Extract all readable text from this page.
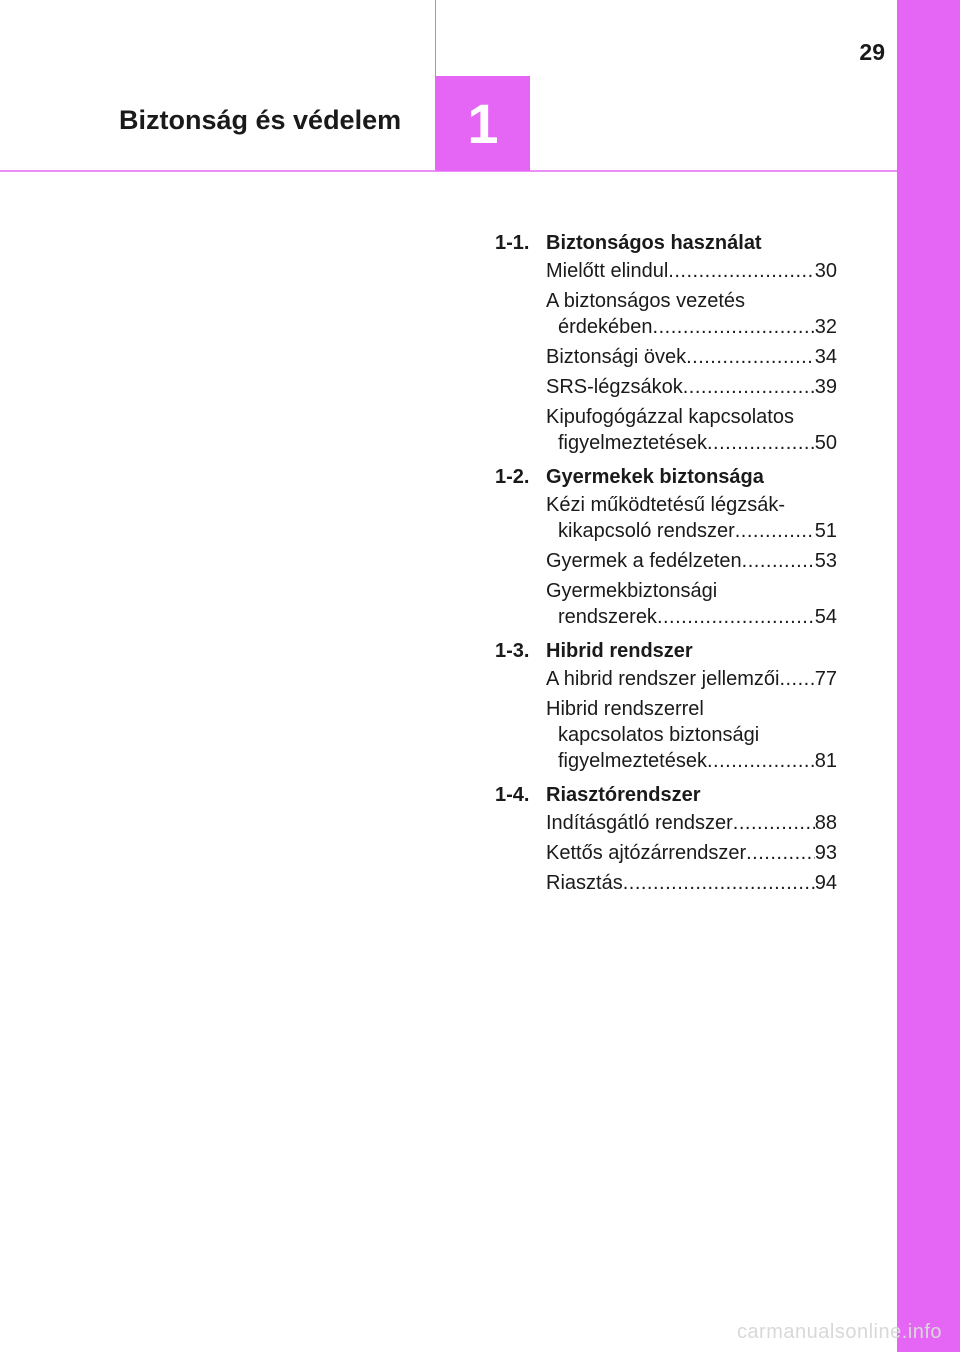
29
Biztonság és védelem 1
1-1. Biztonságos használat
Mielőtt elindul .....	30
A biztonságos vezetés
érdekében .....	32
Biztonsági övek .....	34
SRS-légzsákok .....	39
Kipufogógázzal kapcsolatos
figyelmeztetések .....	50
1-2. Gyermekek biztonsága
Kézi működtetésű légzsák-
kikapcsoló rendszer .....	51
Gyermek a fedélzeten .....	53
Gyermekbiztonsági
rendszerek .....	54
1-3. Hibrid rendszer
A hibrid rendszer jellemzői ..... 77
Hibrid rendszerrel
kapcsolatos biztonsági
figyelmeztetések .....	81
1-4. Riasztórendszer
Indításgátló rendszer .....	88
Kettős ajtózárrendszer .....	93
Riasztás .....	94
carmanualsonline.info
